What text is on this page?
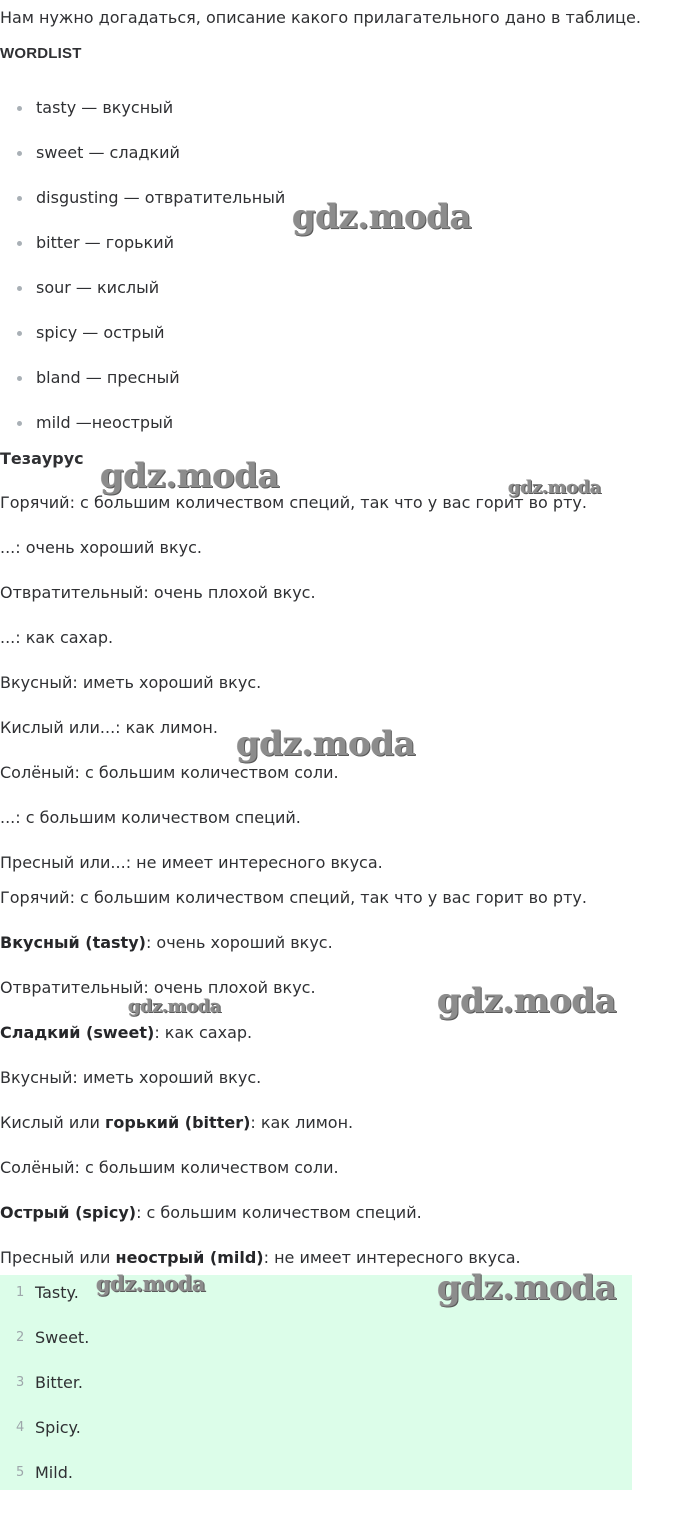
Нам нужно догадаться, описание какого прилагательного дано в таблице.
WORDLIST
tasty — вкусный
sweet — сладкий
disgusting — отвратительный
bitter — горький
sour — кислый
spicy — острый
bland — пресный
mild —неострый
Тезаурус
Горячий: с большим количеством специй, так что у вас горит во рту.
...: очень хороший вкус.
Отвратительный: очень плохой вкус.
...: как сахар.
Вкусный: иметь хороший вкус.
Кислый или...: как лимон.
Солёный: с большим количеством соли.
...: с большим количеством специй.
Пресный или...: не имеет интересного вкуса.
Горячий: с большим количеством специй, так что у вас горит во рту.
Вкусный (tasty): очень хороший вкус.
Отвратительный: очень плохой вкус.
Сладкий (sweet): как сахар.
Вкусный: иметь хороший вкус.
Кислый или горький (bitter): как лимон.
Солёный: с большим количеством соли.
Острый (spicy): с большим количеством специй.
Пресный или неострый (mild): не имеет интересного вкуса.
1 Tasty.
2 Sweet.
3 Bitter.
4 Spicy.
5 Mild.
gdz.moda
gdz.moda	gdz.moda
gdz.moda
gdz.moda
gdz.moda
gdz.moda	gdz.moda
